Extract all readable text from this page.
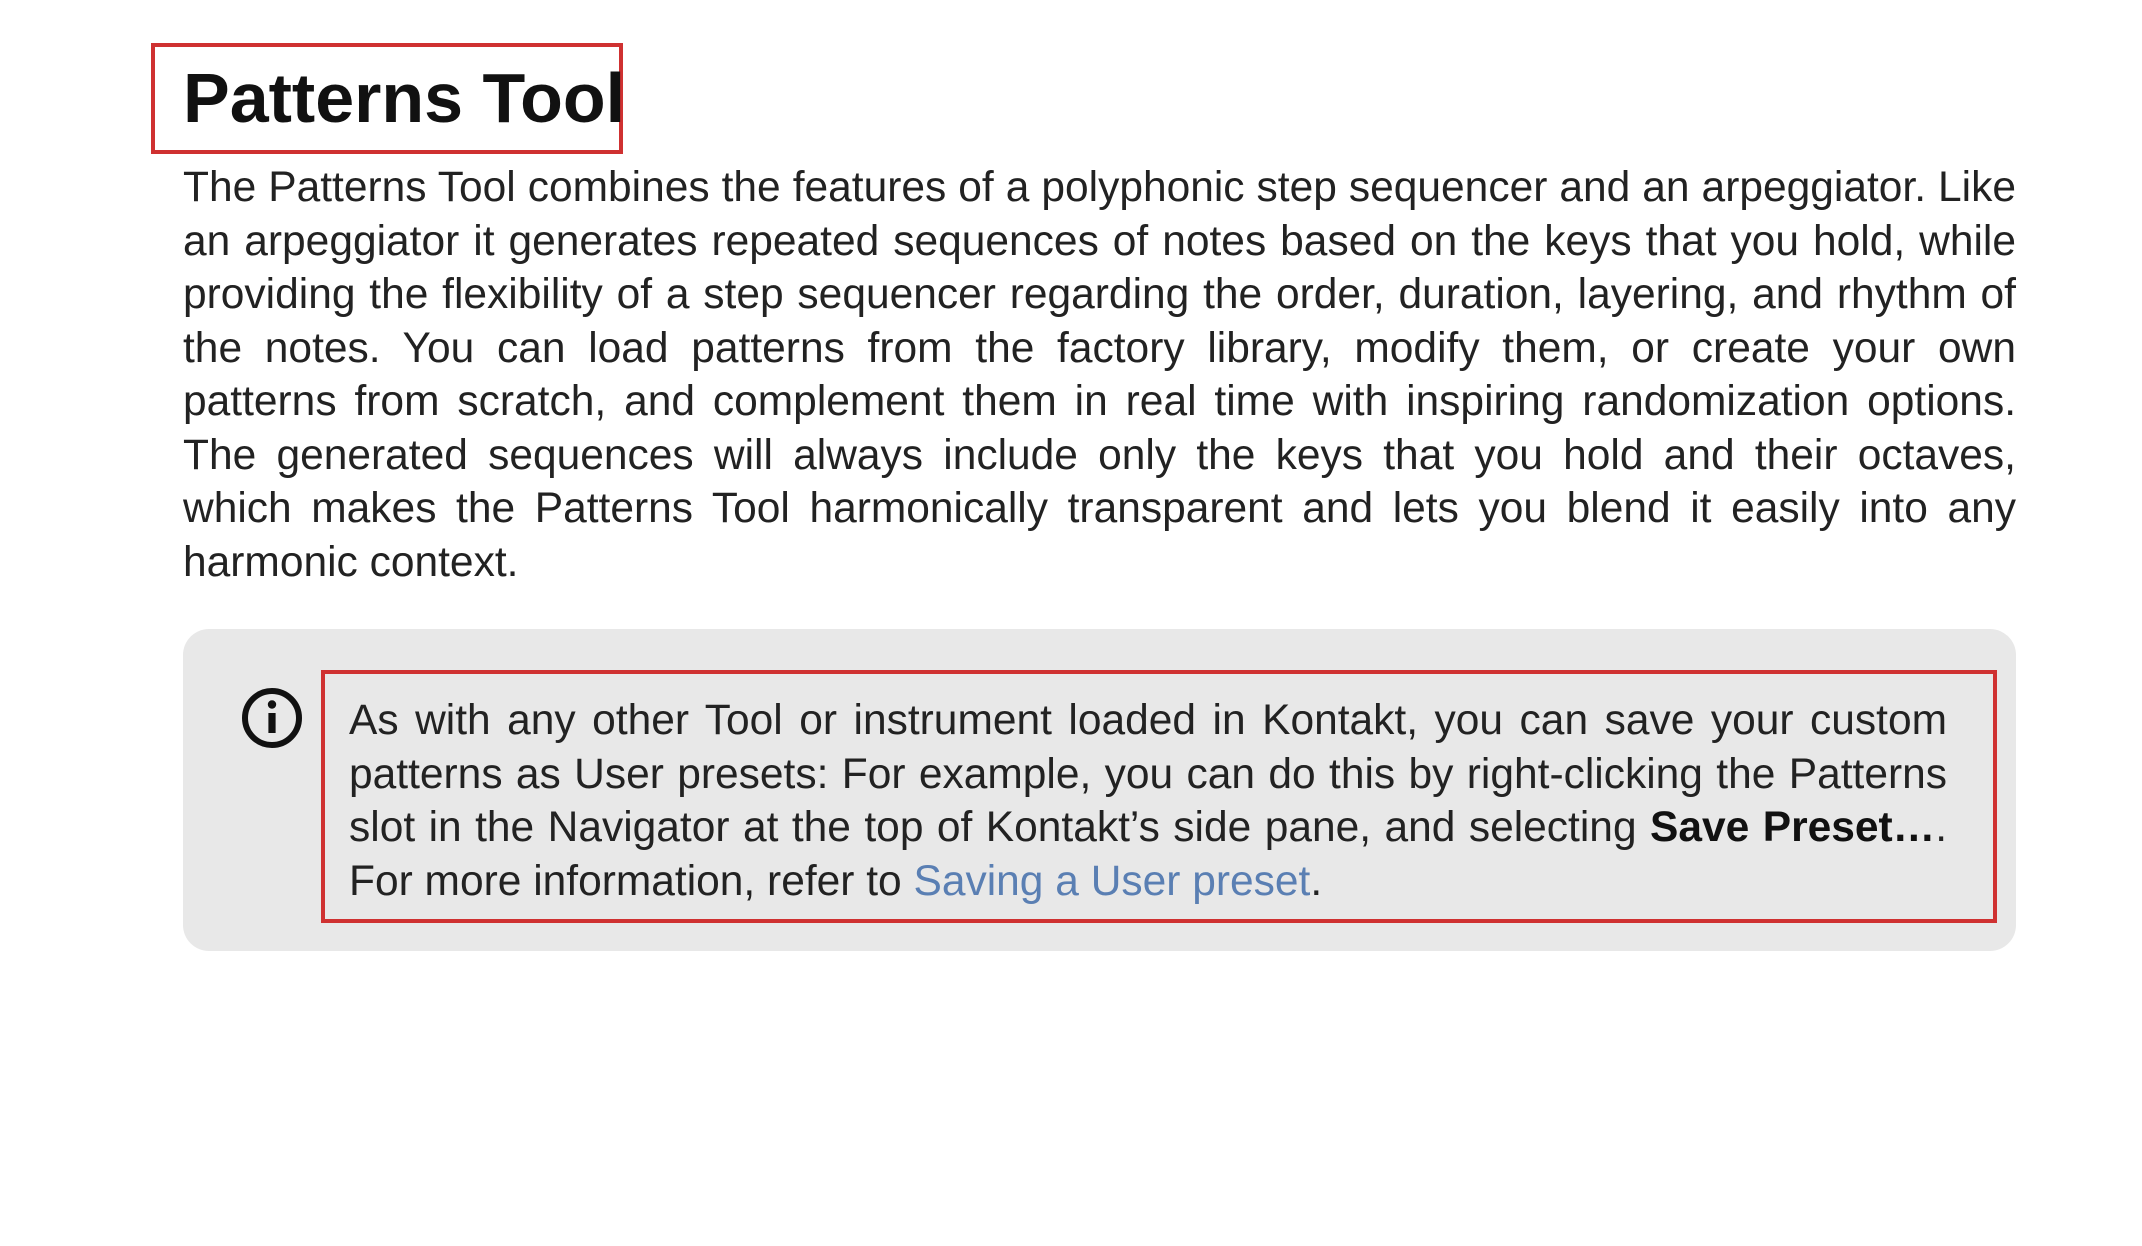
Patterns Tool

The Patterns Tool combines the features of a polyphonic step sequencer and an arpeggiator. Like an arpeggiator it generates repeated sequences of notes based on the keys that you hold, while providing the flexibility of a step sequencer regarding the order, duration, layering, and rhythm of the notes. You can load patterns from the factory library, modify them, or create your own patterns from scratch, and complement them in real time with inspiring randomization options. The generated sequences will always include only the keys that you hold and their octaves, which makes the Patterns Tool harmonically transparent and lets you blend it easily into any harmonic context.

As with any other Tool or instrument loaded in Kontakt, you can save your custom patterns as User presets: For example, you can do this by right-clicking the Patterns slot in the Navigator at the top of Kontakt’s side pane, and selecting Save Preset…. For more information, refer to Saving a User preset.
